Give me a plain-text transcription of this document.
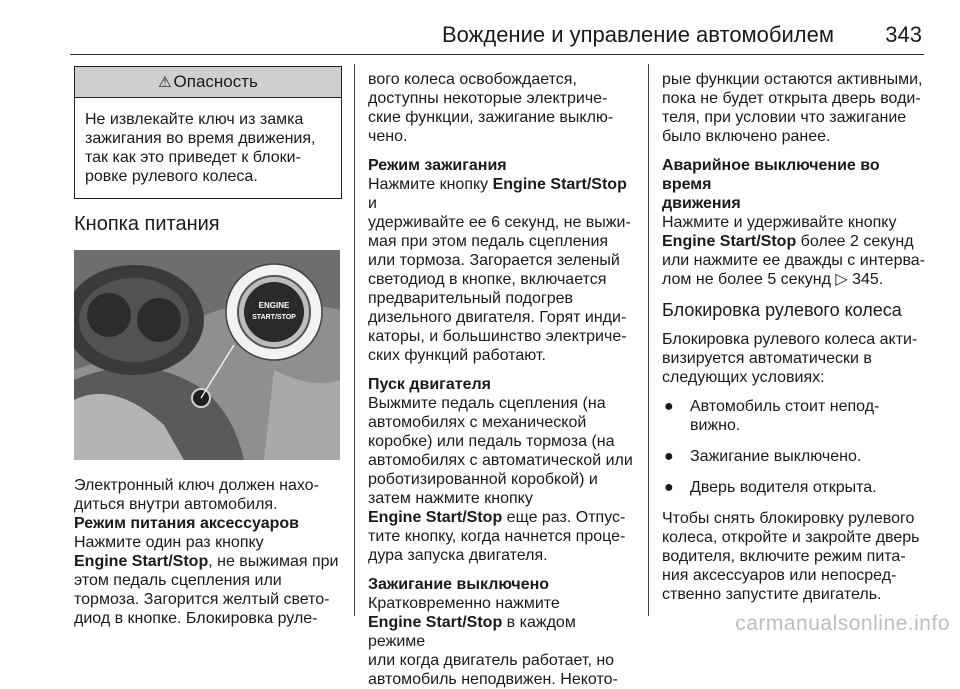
Вождение и управление автомобилем 343
⚠ Опасность
Не извлекайте ключ из замка
зажигания во время движения,
так как это приведет к блоки-
ровке рулевого колеса.
Кнопка питания
ENGINE
START/STOP

Электронный ключ должен нахо-
диться внутри автомобиля.

Режим питания аксессуаров

Нажмите один раз кнопку
Engine Start/Stop, не выжимая при
этом педаль сцепления или
тормоза. Загорится желтый свето-
диод в кнопке. Блокировка руле-

вого колеса освобождается,
доступны некоторые электриче-
ские функции, зажигание выклю-
чено.

Режим зажигания

Нажмите кнопку Engine Start/Stop и
удерживайте ее 6 секунд, не выжи-
мая при этом педаль сцепления
или тормоза. Загорается зеленый
светодиод в кнопке, включается
предварительный подогрев
дизельного двигателя. Горят инди-
каторы, и большинство электриче-
ских функций работают.

Пуск двигателя

Выжмите педаль сцепления (на
автомобилях с механической
коробке) или педаль тормоза (на
автомобилях с автоматической или
роботизированной коробкой) и
затем нажмите кнопку
Engine Start/Stop еще раз. Отпус-
тите кнопку, когда начнется проце-
дура запуска двигателя.

Зажигание выключено

Кратковременно нажмите
Engine Start/Stop в каждом режиме
или когда двигатель работает, но
автомобиль неподвижен. Некото-

рые функции остаются активными,
пока не будет открыта дверь води-
теля, при условии что зажигание
было включено ранее.

Аварийное выключение во время
движения

Нажмите и удерживайте кнопку
Engine Start/Stop более 2 секунд
или нажмите ее дважды с интерва-
лом не более 5 секунд ▷ 345.

Блокировка рулевого колеса

Блокировка рулевого колеса акти-
визируется автоматически в
следующих условиях:

● Автомобиль стоит непод-
вижно.
● Зажигание выключено.
● Дверь водителя открыта.

Чтобы снять блокировку рулевого
колеса, откройте и закройте дверь
водителя, включите режим пита-
ния аксессуаров или непосред-
ственно запустите двигатель.

carmanualsonline.info
